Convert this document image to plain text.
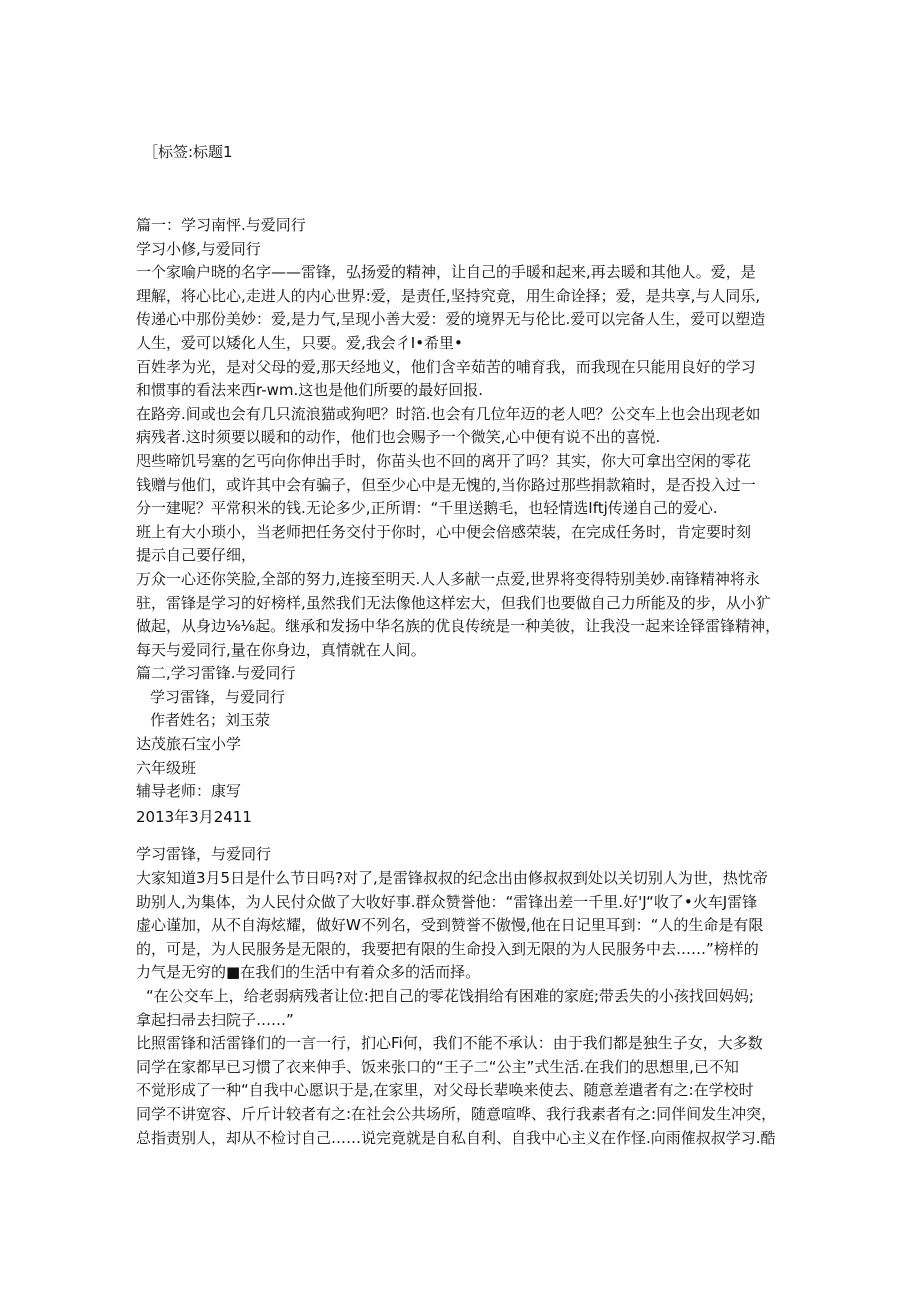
［标签:标题1
篇一：学习南怦.与爱同行
学习小修,与爱同行
一个家喻户晓的名字——雷锋，弘扬爱的精神，让自己的手暖和起来,再去暖和其他人。爱，是
理解，将心比心,走进人的内心世界:爱，是责任,坚持究竟，用生命诠择；爱，是共享,与人同乐,
传递心中那份美妙：爱,是力气,呈现小善大爱：爱的境界无与伦比.爱可以完备人生，爱可以塑造
人生，爱可以矮化人生，只要。爱,我会彳I•希里•
百姓孝为光，是对父母的爱,那天经地义，他们含辛茹苦的哺育我，而我现在只能用良好的学习
和惯事的看法来西r-wm.这也是他们所要的最好回报.
在路旁.间或也会有几只流浪猫或狗吧？时箔.也会有几位年迈的老人吧？公交车上也会出现老如
病残者.这时须要以暖和的动作，他们也会赐予一个微笑,心中便有说不出的喜悦.
咫些啼饥号塞的乞丐向你伸出手时，你苗头也不回的离开了吗？其实，你大可拿出空闲的零花
钱赠与他们，或许其中会有骗子，但至少心中是无愧的,当你路过那些捐款箱时，是否投入过一
分一建呢？平常积米的钱.无论多少,正所谓：“千里送鹅毛，也轻情选Iftj传递自己的爱心.
班上有大小琐小，当老师把任务交付于你时，心中便会倍感荣装，在完成任务时，肯定要时刻
提示自己要仔细，
万众一心还你笑脸,全部的努力,连接至明天.人人多献一点爱,世界将变得特别美妙.南锋精神将永
驻，雷锋是学习的好榜样,虽然我们无法像他这样宏大，但我们也要做自己力所能及的步，从小犷
做起，从身边⅛⅛起。继承和发扬中华名族的优良传统是一种美彼，让我没一起来诠铎雷锋精神，
每天与爱同行,量在你身边，真情就在人间。
篇二,学习雷锋.与爱同行
学习雷锋，与爱同行
作者姓名；刘玉荥
达茂旅石宝小学
六年级班
辅导老师：康写
2013年3月2411
学习雷锋，与爱同行
大家知道3月5日是什么节日吗?对了,是雷锋叔叔的纪念出由修叔叔到处以关切别人为世，热忱帝
助别人,为集体，为人民付众做了大收好事.群众赞誉他：“雷锋出差一千里.好'J“收了•火车J雷锋
虚心谨加，从不自海炫耀，做好W不列名，受到赞誉不傲慢,他在日记里耳到：“人的生命是有限
的，可是，为人民服务是无限的，我要把有限的生命投入到无限的为人民服务中去……”榜样的
力气是无穷的■在我们的生活中有着众多的活而择。
“在公交车上，给老弱病残者让位:把自己的零花饯捐给有困难的家庭;带丢失的小孩找回妈妈;
拿起扫帚去扫院子……”
比照雷锋和活雷锋们的一言一行，扪心Fi何，我们不能不承认：由于我们都是独生子女，大多数
同学在家都早已习惯了衣来伸手、饭来张口的“王子二“公主”式生活.在我们的思想里,已不知
不觉形成了一种“自我中心愿识于是,在家里，对父母长辈唤来使去、随意差遣者有之:在学校时
同学不讲宽容、斤斤计较者有之:在社会公共场所，随意喧哗、我行我素者有之:同伴间发生冲突，
总指责别人，却从不检讨自己……说完竟就是自私自利、自我中心主义在作怪.向雨傕叔叔学习.酷
